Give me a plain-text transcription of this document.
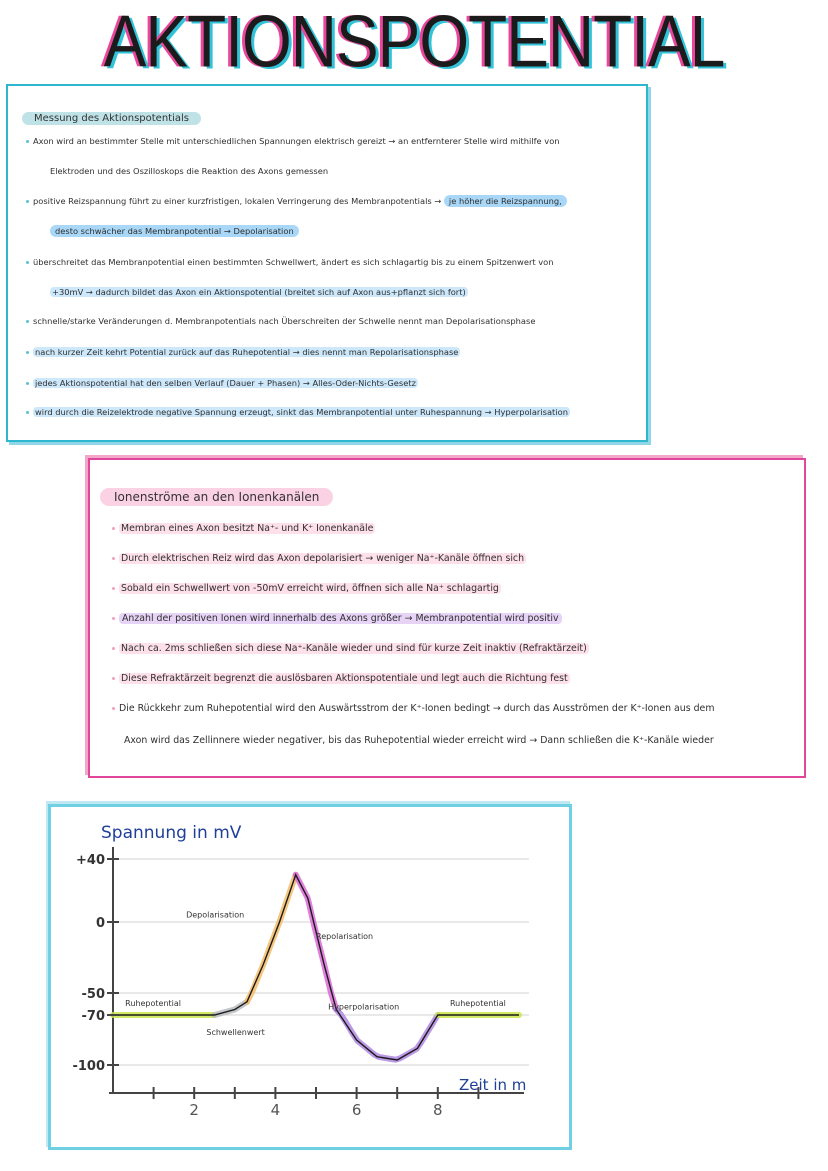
AKTIONSPOTENTIAL
Messung des Aktionspotentials
Axon wird an bestimmter Stelle mit unterschiedlichen Spannungen elektrisch gereizt → an entfernterer Stelle wird mithilfe von
Elektroden und des Oszilloskops die Reaktion des Axons gemessen
positive Reizspannung führt zu einer kurzfristigen, lokalen Verringerung des Membranpotentials → je höher die Reizspannung,
desto schwächer das Membranpotential → Depolarisation
überschreitet das Membranpotential einen bestimmten Schwellwert, ändert es sich schlagartig bis zu einem Spitzenwert von
+30mV → dadurch bildet das Axon ein Aktionspotential (breitet sich auf Axon aus+pflanzt sich fort)
schnelle/starke Veränderungen d. Membranpotentials nach Überschreiten der Schwelle nennt man Depolarisationsphase
nach kurzer Zeit kehrt Potential zurück auf das Ruhepotential → dies nennt man Repolarisationsphase
jedes Aktionspotential hat den selben Verlauf (Dauer + Phasen) → Alles-Oder-Nichts-Gesetz
wird durch die Reizelektrode negative Spannung erzeugt, sinkt das Membranpotential unter Ruhespannung → Hyperpolarisation
Ionenströme an den Ionenkanälen
Membran eines Axon besitzt Na⁺- und K⁺ Ionenkanäle
Durch elektrischen Reiz wird das Axon depolarisiert → weniger Na⁺-Kanäle öffnen sich
Sobald ein Schwellwert von -50mV erreicht wird, öffnen sich alle Na⁺ schlagartig
Anzahl der positiven Ionen wird innerhalb des Axons größer → Membranpotential wird positiv
Nach ca. 2ms schließen sich diese Na⁺-Kanäle wieder und sind für kurze Zeit inaktiv (Refraktärzeit)
Diese Refraktärzeit begrenzt die auslösbaren Aktionspotentiale und legt auch die Richtung fest
Die Rückkehr zum Ruhepotential wird den Auswärtsstrom der K⁺-Ionen bedingt → durch das Ausströmen der K⁺-Ionen aus dem
Axon wird das Zellinnere wieder negativer, bis das Ruhepotential wieder erreicht wird → Dann schließen die K⁺-Kanäle wieder
Spannung in mV
+40
0
-50
-70
-100
2	4	6	8
Ruhepotential
Schwellenwert
Depolarisation
Repolarisation
Hyperpolarisation	Ruhepotential
Zeit in m
